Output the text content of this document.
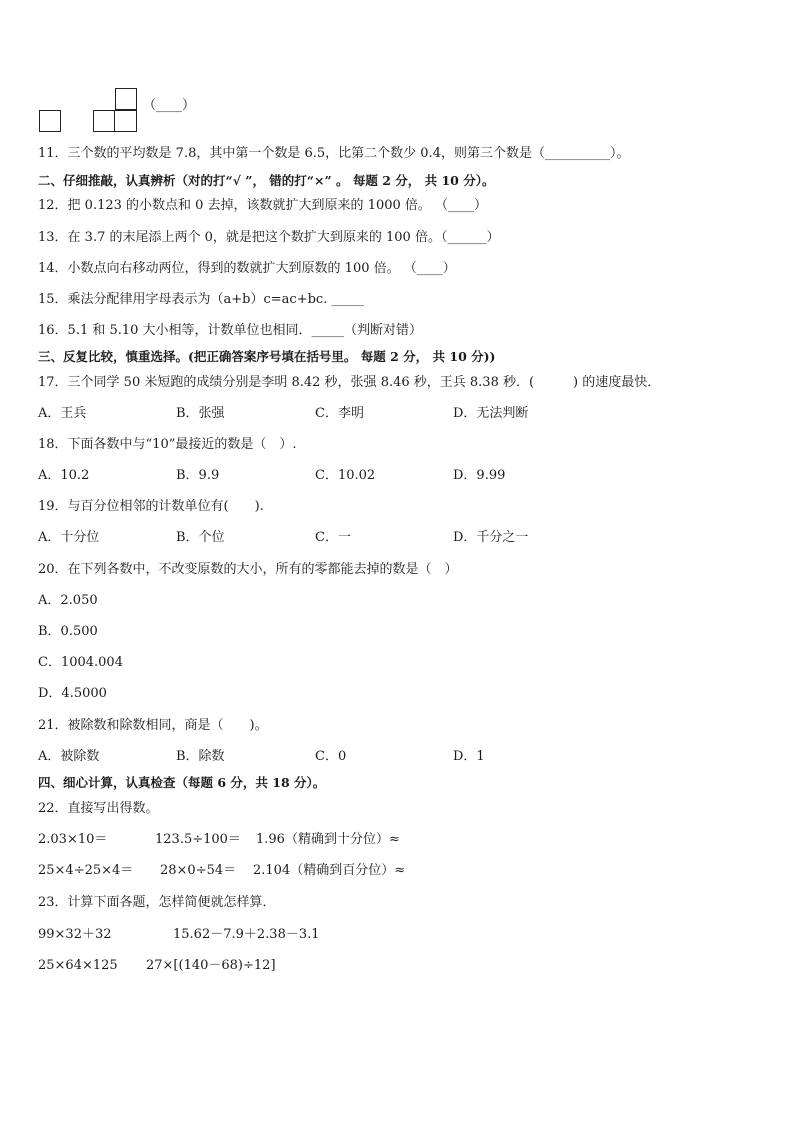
（____）
11．三个数的平均数是 7.8，其中第一个数是 6.5，比第二个数少 0.4，则第三个数是（__________）。
二、仔细推敲，认真辨析（对的打“√ ”， 错的打“×” 。 每题 2 分， 共 10 分）。
12．把 0.123 的小数点和 0 去掉，该数就扩大到原来的 1000 倍。 （____）
13．在 3.7 的末尾添上两个 0，就是把这个数扩大到原来的 100 倍。（______）
14．小数点向右移动两位，得到的数就扩大到原数的 100 倍。 （____）
15．乘法分配律用字母表示为（a+b）c=ac+bc. _____
16．5.1 和 5.10 大小相等，计数单位也相同．_____（判断对错）
三、反复比较，慎重选择。(把正确答案序号填在括号里。 每题 2 分， 共 10 分))
17．三个同学 50 米短跑的成绩分别是李明 8.42 秒，张强 8.46 秒，王兵 8.38 秒．(　　　) 的速度最快．
A．王兵	B．张强	C．李明	D．无法判断
18．下面各数中与“10”最接近的数是（　）.
A．10.2	B．9.9	C．10.02	D．9.99
19．与百分位相邻的计数单位有(　　).
A．十分位	B．个位	C．一	D．千分之一
20．在下列各数中，不改变原数的大小，所有的零都能去掉的数是（　）
A．2.050
B．0.500
C．1004.004
D．4.5000
21．被除数和除数相同，商是（　　)。
A．被除数	B．除数	C．0	D．1
四、细心计算，认真检查（每题 6 分，共 18 分）。
22．直接写出得数。
2.03×10＝	123.5÷100＝ 1.96（精确到十分位）≈
25×4÷25×4＝ 28×0÷54＝ 2.104（精确到百分位）≈
23．计算下面各题，怎样简便就怎样算．
99×32＋32	15.62－7.9＋2.38－3.1
25×64×125 27×[(140－68)÷12]
